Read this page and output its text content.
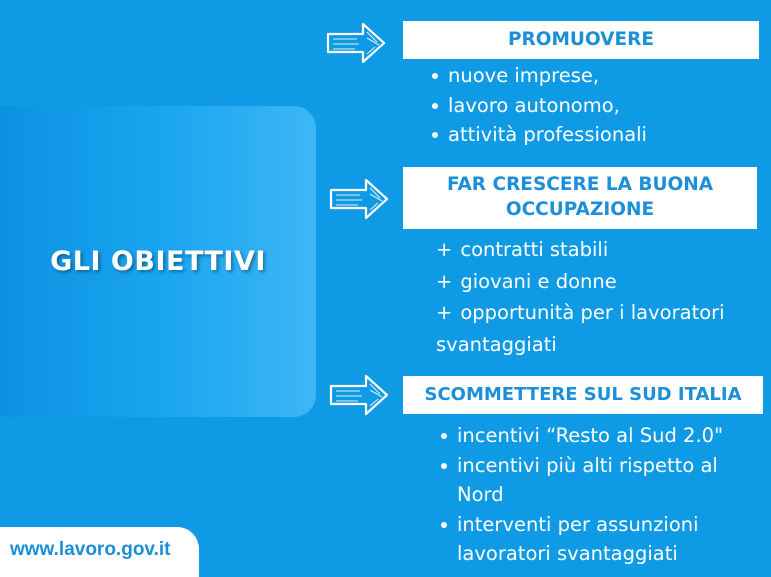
GLI OBIETTIVI
PROMUOVERE
nuove imprese,
lavoro autonomo,
attività professionali
FAR CRESCERE LA BUONA
OCCUPAZIONE
+ contratti stabili
+ giovani e donne
+ opportunità per i lavoratori
svantaggiati
SCOMMETTERE SUL SUD ITALIA
incentivi “Resto al Sud 2.0"
incentivi più alti rispetto al
Nord
interventi per assunzioni
lavoratori svantaggiati
www.lavoro.gov.it
